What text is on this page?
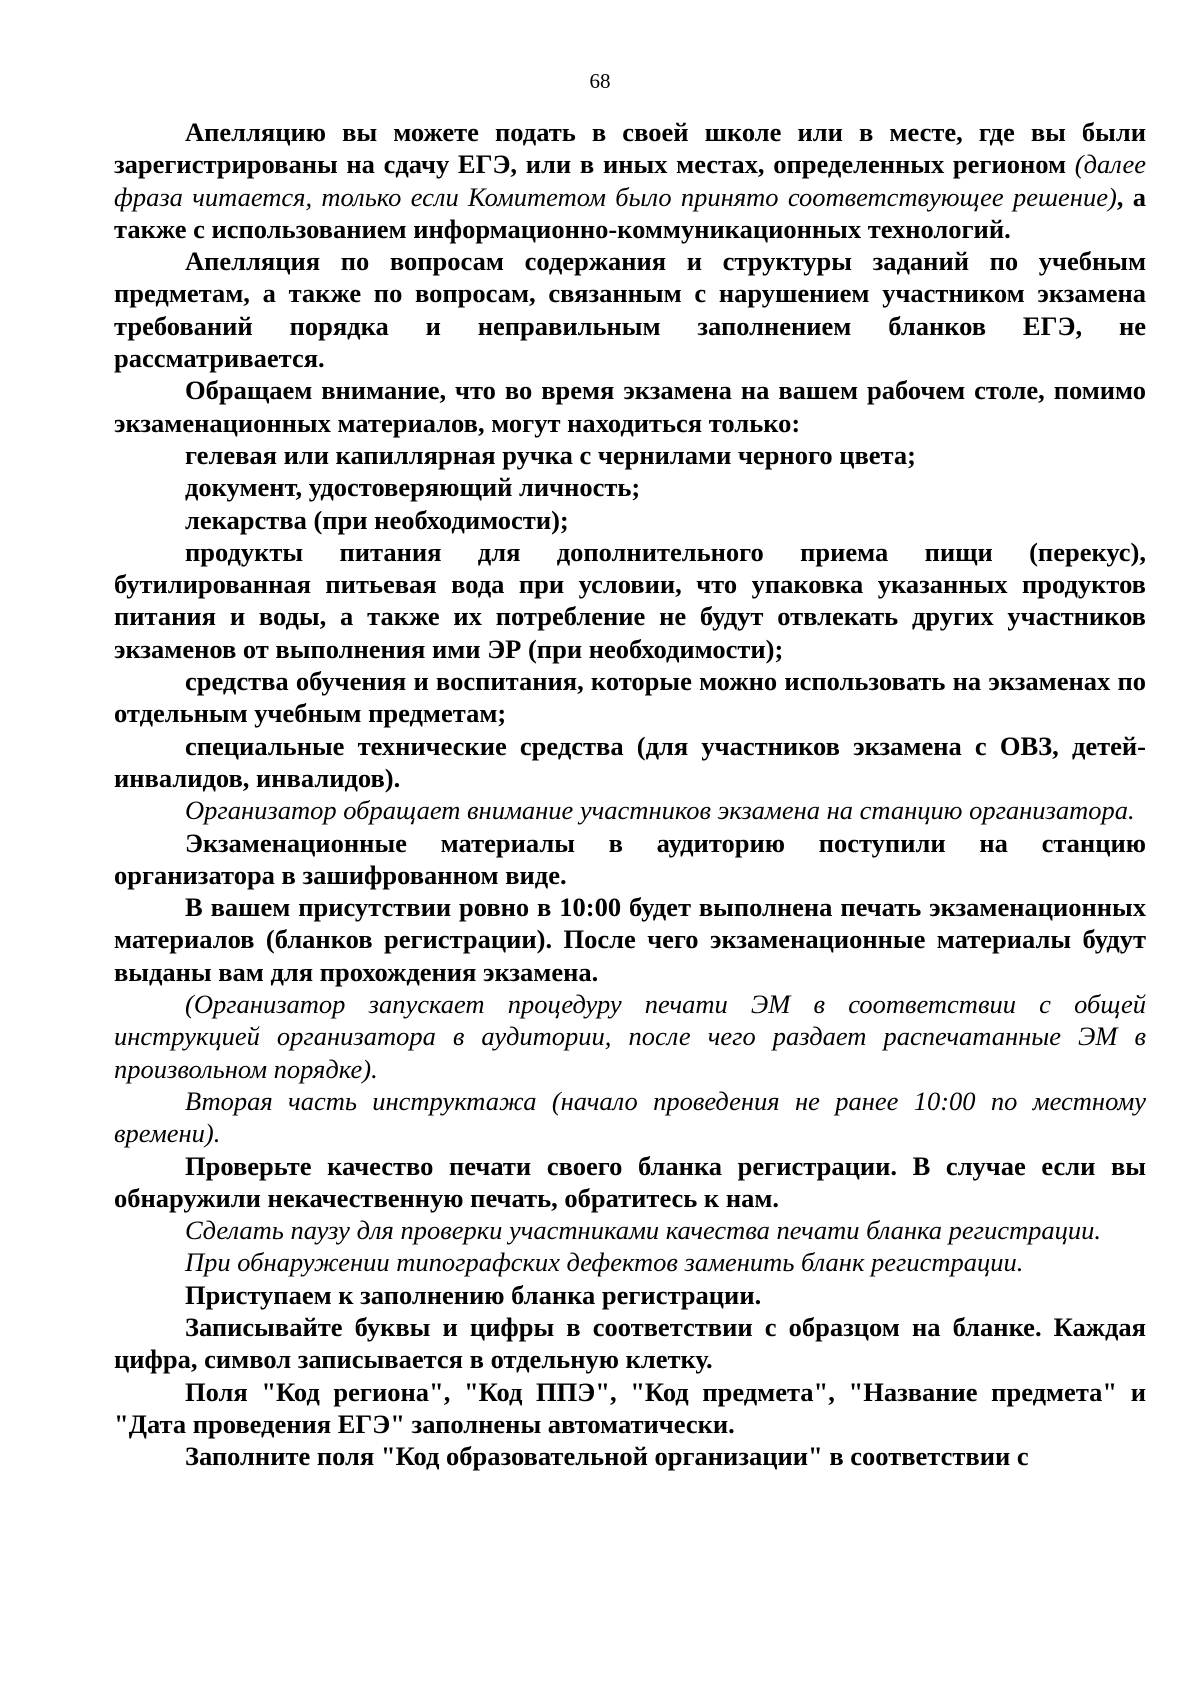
68

Апелляцию вы можете подать в своей школе или в месте, где вы были зарегистрированы на сдачу ЕГЭ, или в иных местах, определенных регионом (далее фраза читается, только если Комитетом было принято соответствующее решение), а также с использованием информационно-коммуникационных технологий.

Апелляция по вопросам содержания и структуры заданий по учебным предметам, а также по вопросам, связанным с нарушением участником экзамена требований порядка и неправильным заполнением бланков ЕГЭ, не рассматривается.

Обращаем внимание, что во время экзамена на вашем рабочем столе, помимо экзаменационных материалов, могут находиться только:

гелевая или капиллярная ручка с чернилами черного цвета;

документ, удостоверяющий личность;

лекарства (при необходимости);

продукты питания для дополнительного приема пищи (перекус), бутилированная питьевая вода при условии, что упаковка указанных продуктов питания и воды, а также их потребление не будут отвлекать других участников экзаменов от выполнения ими ЭР (при необходимости);

средства обучения и воспитания, которые можно использовать на экзаменах по отдельным учебным предметам;

специальные технические средства (для участников экзамена с ОВЗ, детей-инвалидов, инвалидов).

Организатор обращает внимание участников экзамена на станцию организатора.

Экзаменационные материалы в аудиторию поступили на станцию организатора в зашифрованном виде.

В вашем присутствии ровно в 10:00 будет выполнена печать экзаменационных материалов (бланков регистрации). После чего экзаменационные материалы будут выданы вам для прохождения экзамена.

(Организатор запускает процедуру печати ЭМ в соответствии с общей инструкцией организатора в аудитории, после чего раздает распечатанные ЭМ в произвольном порядке).

Вторая часть инструктажа (начало проведения не ранее 10:00 по местному времени).

Проверьте качество печати своего бланка регистрации. В случае если вы обнаружили некачественную печать, обратитесь к нам.

Сделать паузу для проверки участниками качества печати бланка регистрации.

При обнаружении типографских дефектов заменить бланк регистрации.

Приступаем к заполнению бланка регистрации.

Записывайте буквы и цифры в соответствии с образцом на бланке. Каждая цифра, символ записывается в отдельную клетку.

Поля "Код региона", "Код ППЭ", "Код предмета", "Название предмета" и "Дата проведения ЕГЭ" заполнены автоматически.

Заполните поля "Код образовательной организации" в соответствии с
